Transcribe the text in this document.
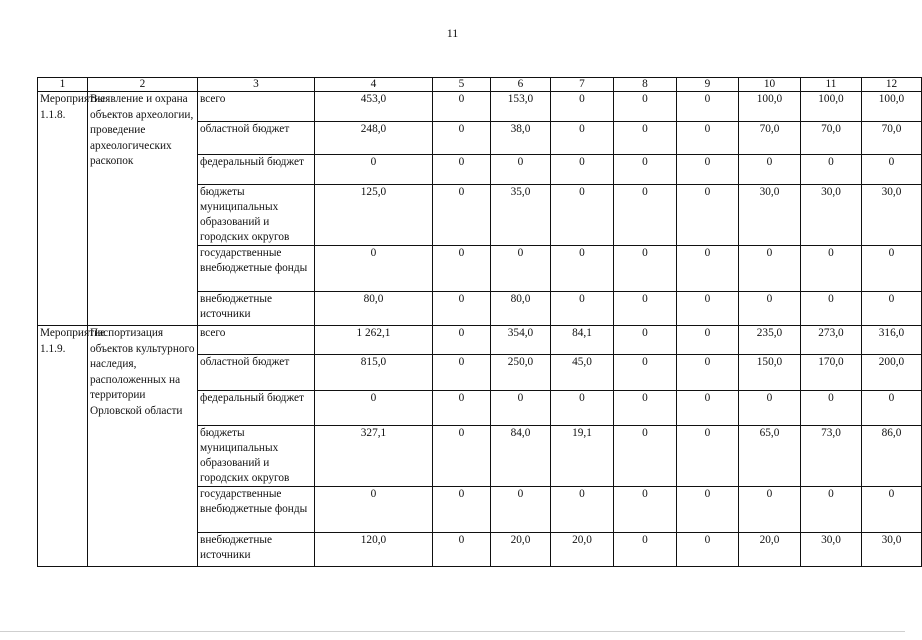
11
1	2	3	4	5	6	7	8	9	10	11	12
Мероприятие 1.1.8.	Выявление и охрана объектов археологии, проведение археологических раскопок	всего	453,0	0	153,0	0	0	0	100,0	100,0	100,0
		областной бюджет	248,0	0	38,0	0	0	0	70,0	70,0	70,0
		федеральный бюджет	0	0	0	0	0	0	0	0	0
		бюджеты муниципальных образований и городских округов	125,0	0	35,0	0	0	0	30,0	30,0	30,0
		государственные внебюджетные фонды	0	0	0	0	0	0	0	0	0
		внебюджетные источники	80,0	0	80,0	0	0	0	0	0	0
Мероприятие 1.1.9.	Паспортизация объектов культурного наследия, расположенных на территории Орловской области	всего	1 262,1	0	354,0	84,1	0	0	235,0	273,0	316,0
		областной бюджет	815,0	0	250,0	45,0	0	0	150,0	170,0	200,0
		федеральный бюджет	0	0	0	0	0	0	0	0	0
		бюджеты муниципальных образований и городских округов	327,1	0	84,0	19,1	0	0	65,0	73,0	86,0
		государственные внебюджетные фонды	0	0	0	0	0	0	0	0	0
		внебюджетные источники	120,0	0	20,0	20,0	0	0	20,0	30,0	30,0
